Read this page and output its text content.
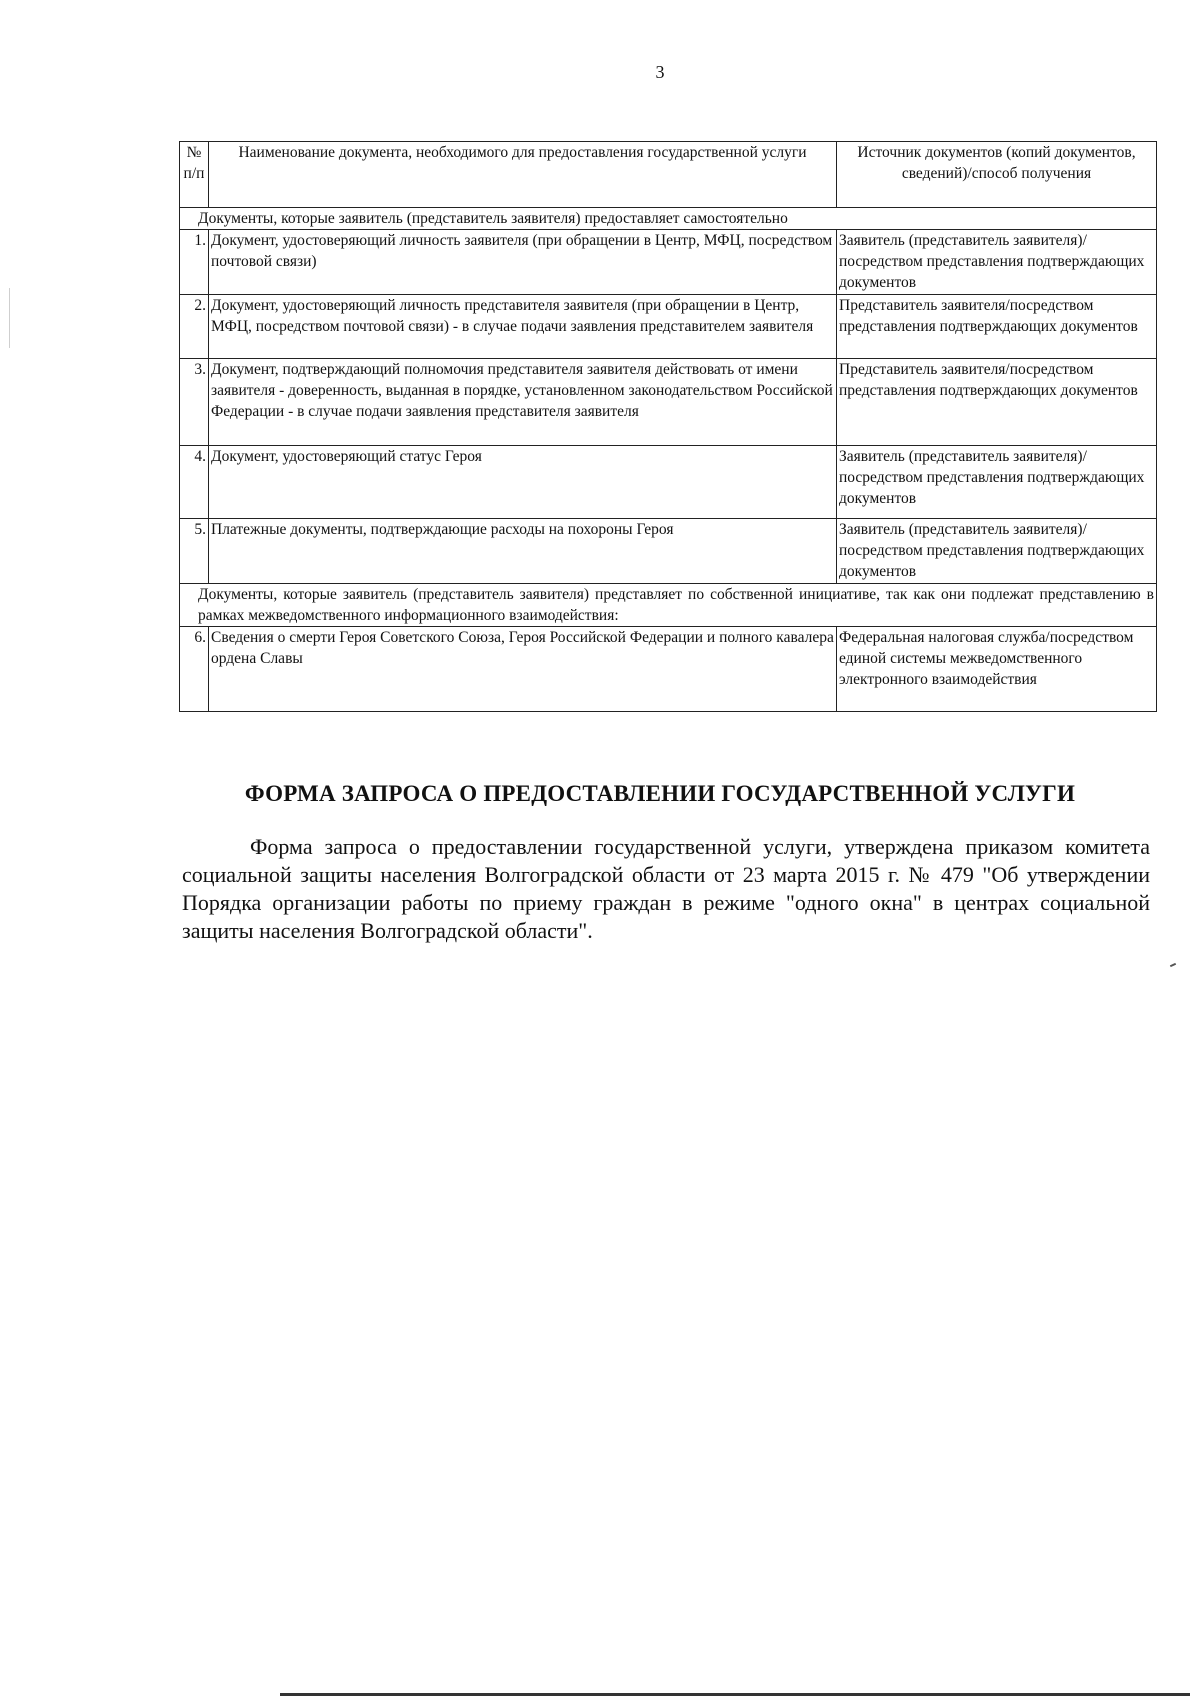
3
№ п/п	Наименование документа, необходимого для предоставления государственной услуги	Источник документов (копий документов, сведений)/способ получения
Документы, которые заявитель (представитель заявителя) предоставляет самостоятельно		
1.	Документ, удостоверяющий личность заявителя (при обращении в Центр, МФЦ, посредством почтовой связи)	Заявитель (представитель заявителя)/посредством представления подтверждающих документов
2.	Документ, удостоверяющий личность представителя заявителя (при обращении в Центр, МФЦ, посредством почтовой связи) - в случае подачи заявления представителем заявителя	Представитель заявителя/посредством представления подтверждающих документов
3.	Документ, подтверждающий полномочия представителя заявителя действовать от имени заявителя - доверенность, выданная в порядке, установленном законодательством Российской Федерации - в случае подачи заявления представителя заявителя	Представитель заявителя/посредством представления подтверждающих документов
4.	Документ, удостоверяющий статус Героя	Заявитель (представитель заявителя)/посредством представления подтверждающих документов
5.	Платежные документы, подтверждающие расходы на похороны Героя	Заявитель (представитель заявителя)/посредством представления подтверждающих документов
Документы, которые заявитель (представитель заявителя) представляет по собственной инициативе, так как они подлежат представлению в рамках межведомственного информационного взаимодействия:		
6.	Сведения о смерти Героя Советского Союза, Героя Российской Федерации и полного кавалера ордена Славы	Федеральная налоговая служба/посредством единой системы межведомственного электронного взаимодействия
ФОРМА ЗАПРОСА О ПРЕДОСТАВЛЕНИИ ГОСУДАРСТВЕННОЙ УСЛУГИ
Форма запроса о предоставлении государственной услуги, утверждена приказом комитета социальной защиты населения Волгоградской области от 23 марта 2015 г. № 479 "Об утверждении Порядка организации работы по приему граждан в режиме "одного окна" в центрах социальной защиты населения Волгоградской области".
